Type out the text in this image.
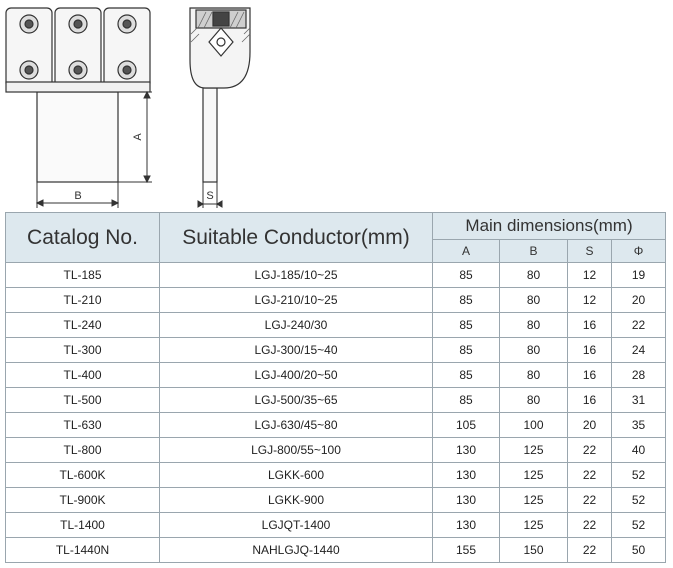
B
A
S
Catalog No.	Suitable Conductor(mm)	Main dimensions(mm)			
		A	B	S	Φ
TL-185	LGJ-185/10~25	85	80	12	19
TL-210	LGJ-210/10~25	85	80	12	20
TL-240	LGJ-240/30	85	80	16	22
TL-300	LGJ-300/15~40	85	80	16	24
TL-400	LGJ-400/20~50	85	80	16	28
TL-500	LGJ-500/35~65	85	80	16	31
TL-630	LGJ-630/45~80	105	100	20	35
TL-800	LGJ-800/55~100	130	125	22	40
TL-600K	LGKK-600	130	125	22	52
TL-900K	LGKK-900	130	125	22	52
TL-1400	LGJQT-1400	130	125	22	52
TL-1440N	NAHLGJQ-1440	155	150	22	50
